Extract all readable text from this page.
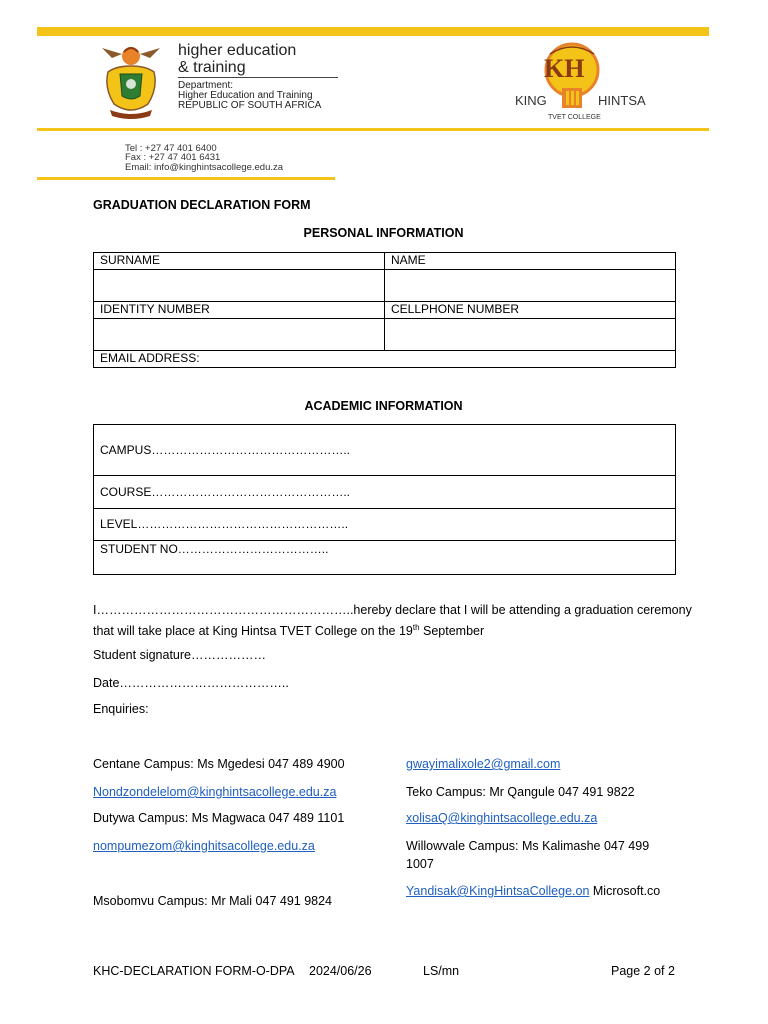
higher education
& training
Department:
Higher Education and Training
REPUBLIC OF SOUTH AFRICA
KH
KING	HINTSA
TVET COLLEGE
Tel : +27 47 401 6400
Fax : +27 47 401 6431
Email: info@kinghintsacollege.edu.za
GRADUATION DECLARATION FORM
PERSONAL INFORMATION
SURNAME	NAME

IDENTITY NUMBER	CELLPHONE NUMBER

EMAIL ADDRESS:	
ACADEMIC INFORMATION
CAMPUS…………………………………………..
COURSE…………………………………………..
LEVEL……………………………………………..
STUDENT NO………………………………..
I……………………………………………………..hereby declare that I will be attending a graduation ceremony
that will take place at King Hintsa TVET College on the 19th September
Student signature………………
Date…………………………………..
Enquiries:
Centane Campus: Ms Mgedesi 047 489 4900
Nondzondelelom@kinghintsacollege.edu.za
Dutywa Campus: Ms Magwaca 047 489 1101
nompumezom@kinghitsacollege.edu.za
Msobomvu Campus: Mr Mali 047 491 9824
gwayimalixole2@gmail.com
Teko Campus: Mr Qangule 047 491 9822
xolisaQ@kinghintsacollege.edu.za
Willowvale Campus: Ms Kalimashe 047 499
1007
Yandisak@KingHintsaCollege.on Microsoft.co
KHC-DECLARATION FORM-O-DPA 2024/06/26	LS/mn	Page 2 of 2
